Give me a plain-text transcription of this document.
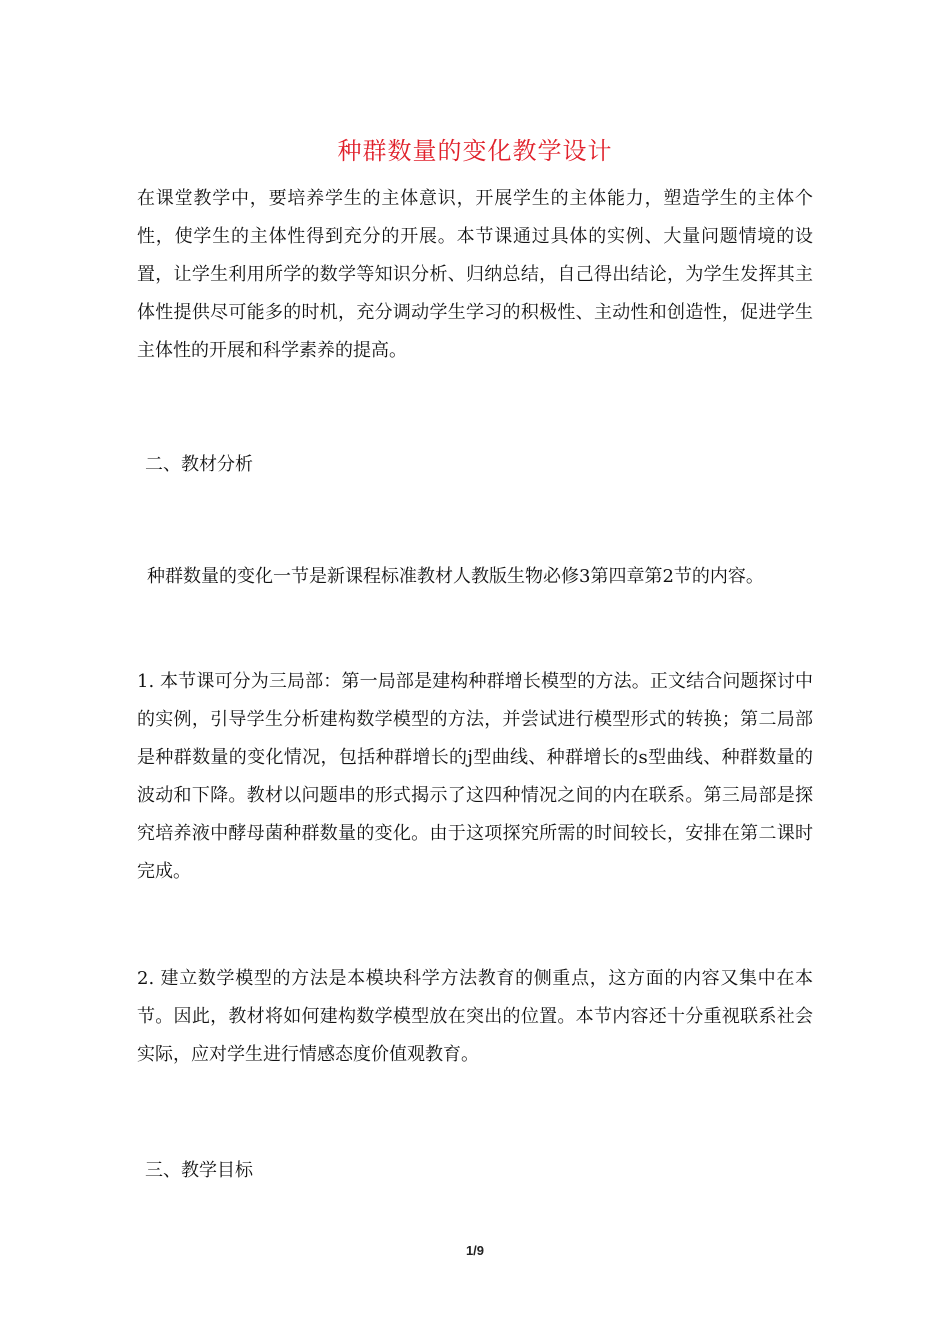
种群数量的变化教学设计

在课堂教学中，要培养学生的主体意识，开展学生的主体能力，塑造学生的主体个性，使学生的主体性得到充分的开展。本节课通过具体的实例、大量问题情境的设置，让学生利用所学的数学等知识分析、归纳总结，自己得出结论，为学生发挥其主体性提供尽可能多的时机，充分调动学生学习的积极性、主动性和创造性，促进学生主体性的开展和科学素养的提高。

二、教材分析

种群数量的变化一节是新课程标准教材人教版生物必修3第四章第2节的内容。

1. 本节课可分为三局部：第一局部是建构种群增长模型的方法。正文结合问题探讨中的实例，引导学生分析建构数学模型的方法，并尝试进行模型形式的转换；第二局部是种群数量的变化情况，包括种群增长的j型曲线、种群增长的s型曲线、种群数量的波动和下降。教材以问题串的形式揭示了这四种情况之间的内在联系。第三局部是探究培养液中酵母菌种群数量的变化。由于这项探究所需的时间较长，安排在第二课时完成。

2. 建立数学模型的方法是本模块科学方法教育的侧重点，这方面的内容又集中在本节。因此，教材将如何建构数学模型放在突出的位置。本节内容还十分重视联系社会实际，应对学生进行情感态度价值观教育。

三、教学目标

1/9
